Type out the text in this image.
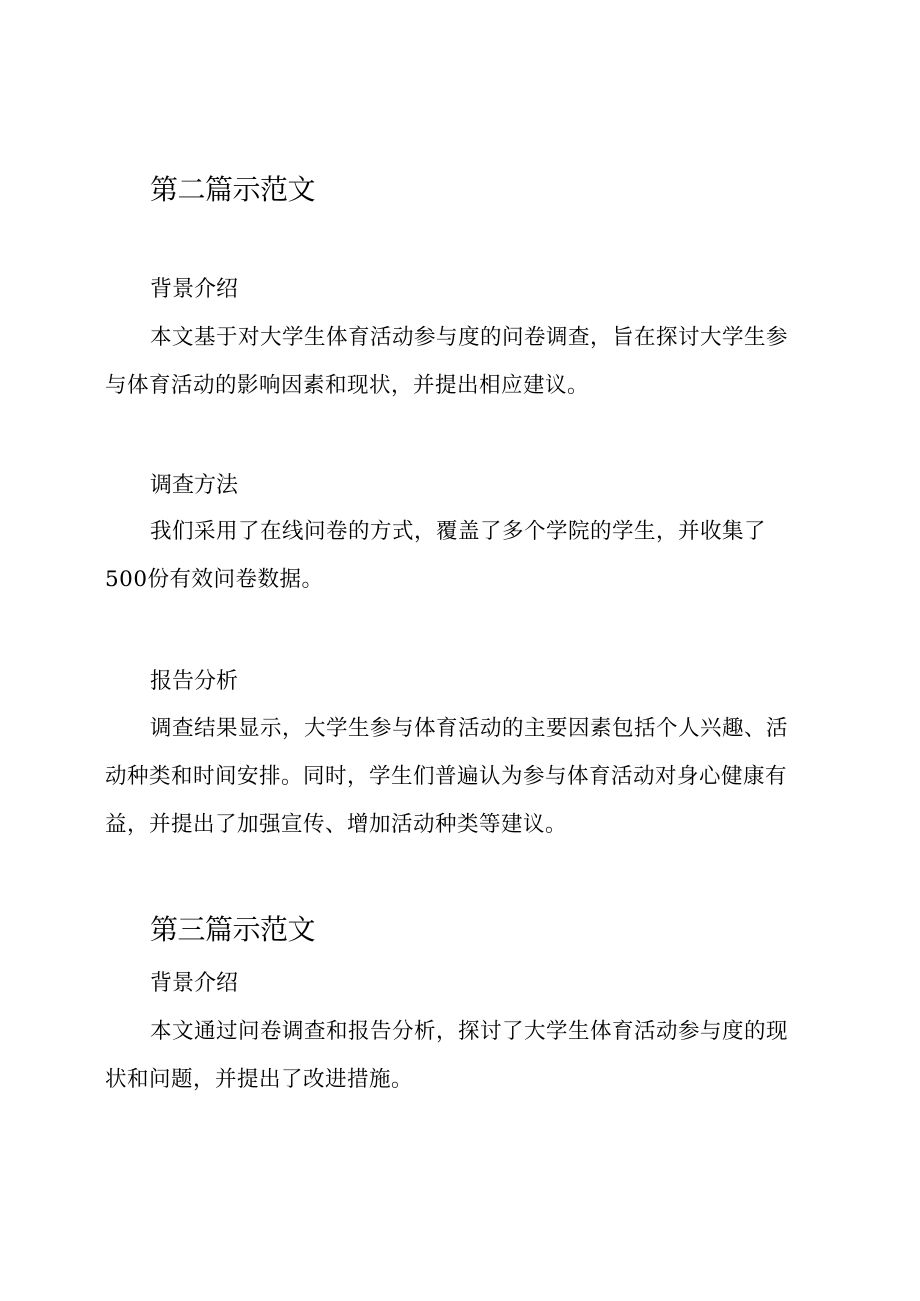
第二篇示范文
背景介绍

本文基于对大学生体育活动参与度的问卷调查，旨在探讨大学生参与体育活动的影响因素和现状，并提出相应建议。

调查方法

我们采用了在线问卷的方式，覆盖了多个学院的学生，并收集了500份有效问卷数据。

报告分析

调查结果显示，大学生参与体育活动的主要因素包括个人兴趣、活动种类和时间安排。同时，学生们普遍认为参与体育活动对身心健康有益，并提出了加强宣传、增加活动种类等建议。

第三篇示范文
背景介绍

本文通过问卷调查和报告分析，探讨了大学生体育活动参与度的现状和问题，并提出了改进措施。
